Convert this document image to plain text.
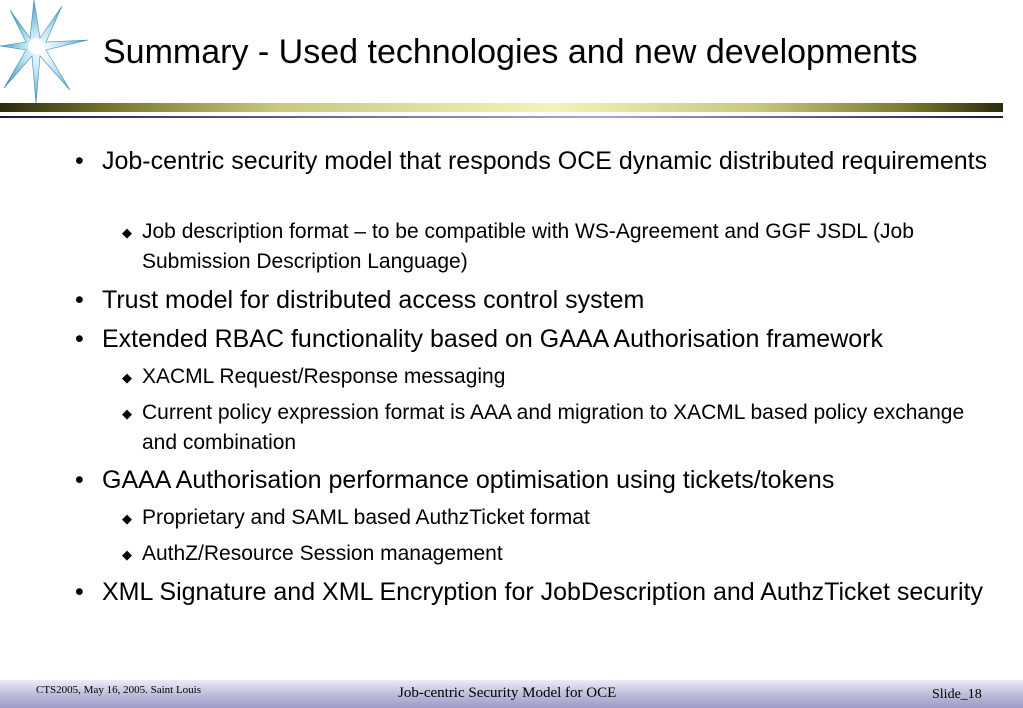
Summary - Used technologies and new developments
• Job-centric security model that responds OCE dynamic distributed requirements
◆ Job description format – to be compatible with WS-Agreement and GGF JSDL (Job Submission Description Language)
• Trust model for distributed access control system
• Extended RBAC functionality based on GAAA Authorisation framework
◆ XACML Request/Response messaging
◆ Current policy expression format is AAA and migration to XACML based policy exchange and combination
• GAAA Authorisation performance optimisation using tickets/tokens
◆ Proprietary and SAML based AuthzTicket format
◆ AuthZ/Resource Session management
• XML Signature and XML Encryption for JobDescription and AuthzTicket security
CTS2005, May 16, 2005. Saint Louis	Job-centric Security Model for OCE	Slide_18
